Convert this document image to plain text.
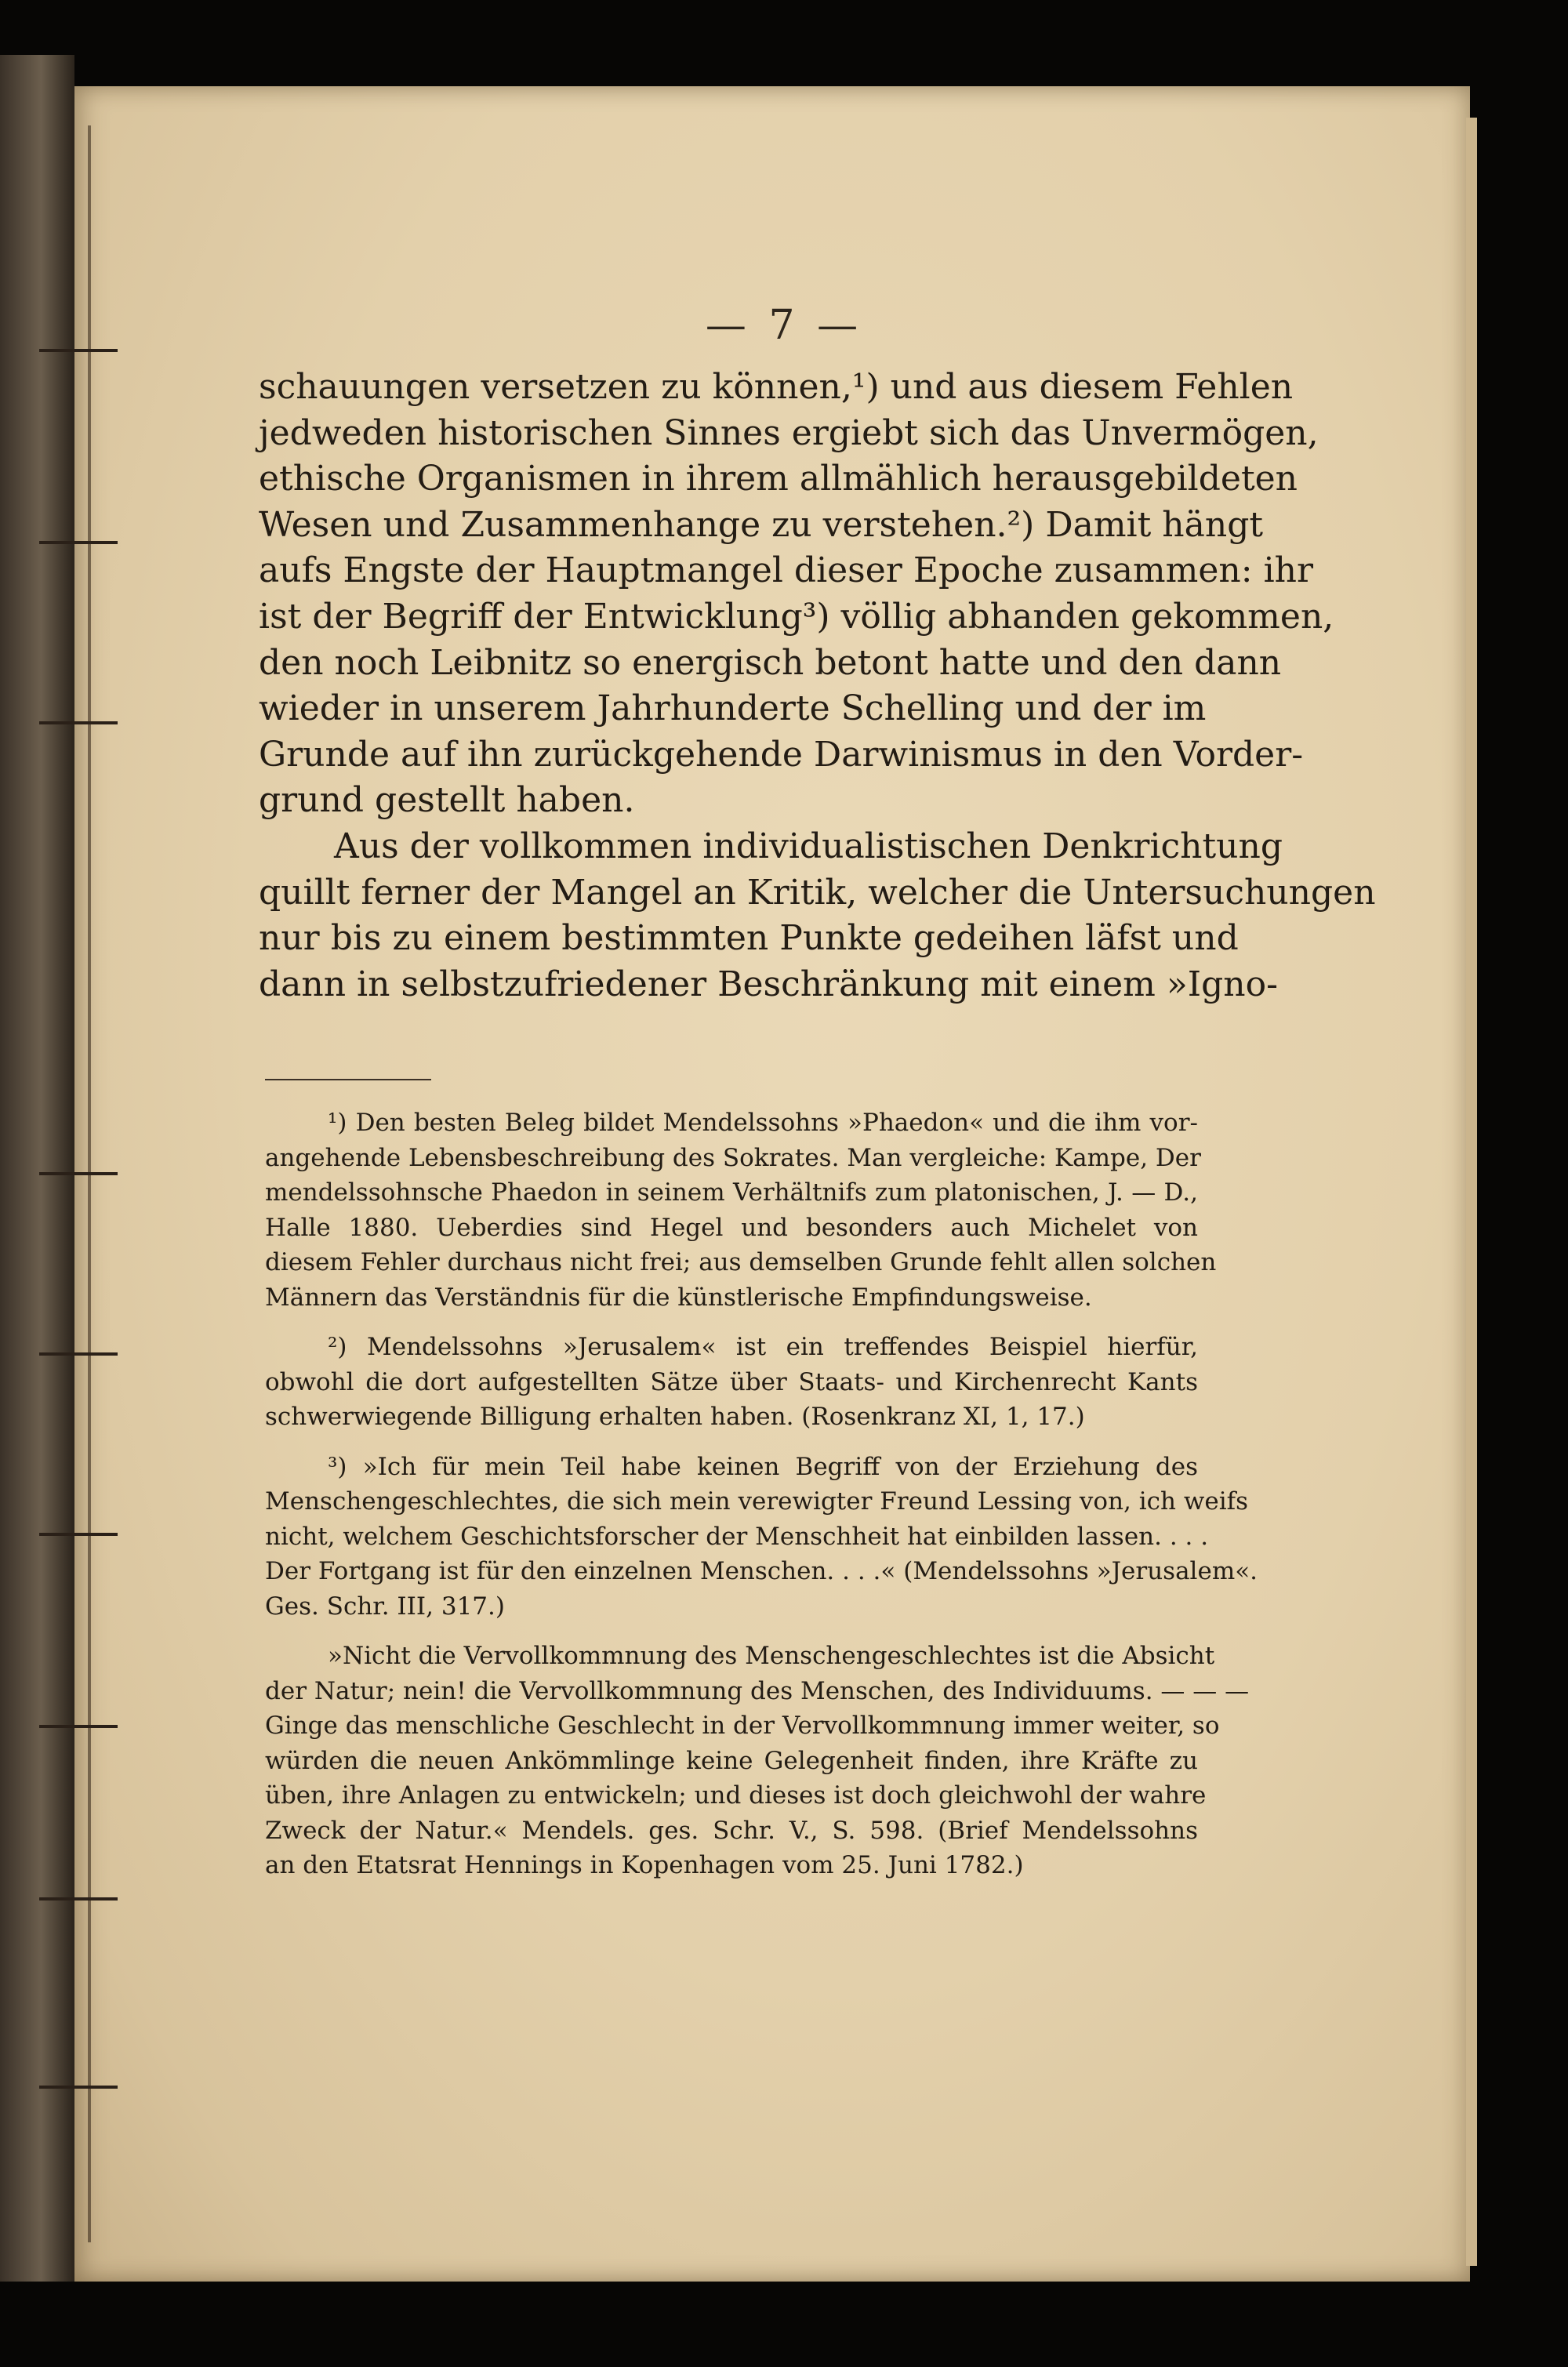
— 7 —
schauungen versetzen zu können,¹) und aus diesem Fehlen
jedweden historischen Sinnes ergiebt sich das Unvermögen,
ethische Organismen in ihrem allmählich herausgebildeten
Wesen und Zusammenhange zu verstehen.²) Damit hängt
aufs Engste der Hauptmangel dieser Epoche zusammen: ihr
ist der Begriff der Entwicklung³) völlig abhanden gekommen,
den noch Leibnitz so energisch betont hatte und den dann
wieder in unserem Jahrhunderte Schelling und der im
Grunde auf ihn zurückgehende Darwinismus in den Vorder-
grund gestellt haben.
Aus der vollkommen individualistischen Denkrichtung
quillt ferner der Mangel an Kritik, welcher die Untersuchungen
nur bis zu einem bestimmten Punkte gedeihen läfst und
dann in selbstzufriedener Beschränkung mit einem »Igno-
¹) Den besten Beleg bildet Mendelssohns »Phaedon« und die ihm vor-
angehende Lebensbeschreibung des Sokrates. Man vergleiche: Kampe, Der
mendelssohnsche Phaedon in seinem Verhältnifs zum platonischen, J. — D.,
Halle 1880. Ueberdies sind Hegel und besonders auch Michelet von
diesem Fehler durchaus nicht frei; aus demselben Grunde fehlt allen solchen
Männern das Verständnis für die künstlerische Empfindungsweise.
²) Mendelssohns »Jerusalem« ist ein treffendes Beispiel hierfür,
obwohl die dort aufgestellten Sätze über Staats- und Kirchenrecht Kants
schwerwiegende Billigung erhalten haben. (Rosenkranz XI, 1, 17.)
³) »Ich für mein Teil habe keinen Begriff von der Erziehung des
Menschengeschlechtes, die sich mein verewigter Freund Lessing von, ich weifs
nicht, welchem Geschichtsforscher der Menschheit hat einbilden lassen. . . .
Der Fortgang ist für den einzelnen Menschen. . . .« (Mendelssohns »Jerusalem«.
Ges. Schr. III, 317.)
»Nicht die Vervollkommnung des Menschengeschlechtes ist die Absicht
der Natur; nein! die Vervollkommnung des Menschen, des Individuums. — — —
Ginge das menschliche Geschlecht in der Vervollkommnung immer weiter, so
würden die neuen Ankömmlinge keine Gelegenheit finden, ihre Kräfte zu
üben, ihre Anlagen zu entwickeln; und dieses ist doch gleichwohl der wahre
Zweck der Natur.« Mendels. ges. Schr. V., S. 598. (Brief Mendelssohns
an den Etatsrat Hennings in Kopenhagen vom 25. Juni 1782.)
